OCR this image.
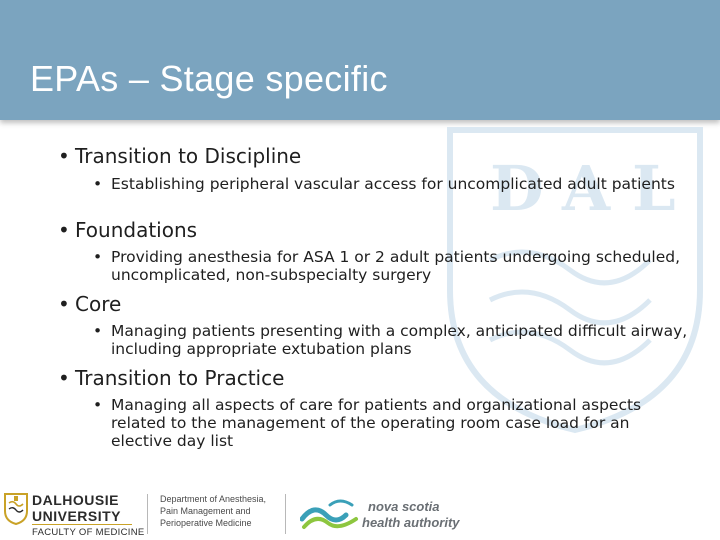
EPAs – Stage specific
D A L
• Transition to Discipline
• Establishing peripheral vascular access for uncomplicated adult patients
• Foundations
• Providing anesthesia for ASA 1 or 2 adult patients undergoing scheduled, uncomplicated, non-subspecialty surgery
• Core
• Managing patients presenting with a complex, anticipated difficult airway, including appropriate extubation plans
• Transition to Practice
• Managing all aspects of care for patients and organizational aspects related to the management of the operating room case load for an elective day list
DALHOUSIE
UNIVERSITY
FACULTY OF MEDICINE
Department of Anesthesia,
Pain Management and
Perioperative Medicine
nova scotia
health authority
